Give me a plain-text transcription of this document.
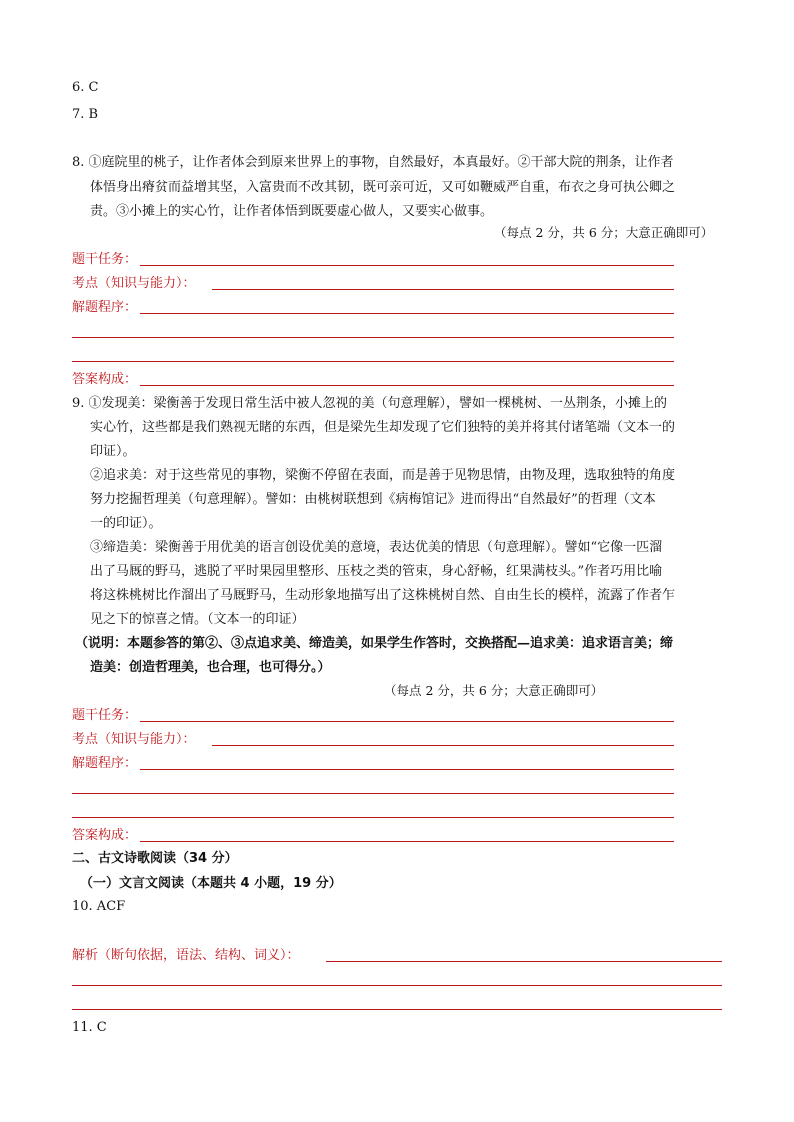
6. C
7. B
8. ①庭院里的桃子，让作者体会到原来世界上的事物，自然最好，本真最好。②干部大院的荆条，让作者
体悟身出瘠贫而益增其坚，入富贵而不改其韧，既可亲可近，又可如鞭威严自重，布衣之身可执公卿之
责。③小摊上的实心竹，让作者体悟到既要虚心做人，又要实心做事。
（每点 2 分，共 6 分；大意正确即可）
题干任务：
考点（知识与能力）：
解题程序：
答案构成：
9. ①发现美：梁衡善于发现日常生活中被人忽视的美（句意理解），譬如一棵桃树、一丛荆条，小摊上的
实心竹，这些都是我们熟视无睹的东西，但是梁先生却发现了它们独特的美并将其付诸笔端（文本一的
印证）。
②追求美：对于这些常见的事物，梁衡不停留在表面，而是善于见物思情，由物及理，选取独特的角度
努力挖掘哲理美（句意理解）。譬如：由桃树联想到《病梅馆记》进而得出“自然最好”的哲理（文本
一的印证）。
③缔造美：梁衡善于用优美的语言创设优美的意境，表达优美的情思（句意理解）。譬如“它像一匹溜
出了马厩的野马，逃脱了平时果园里整形、压枝之类的管束，身心舒畅，红果满枝头。”作者巧用比喻
将这株桃树比作溜出了马厩野马，生动形象地描写出了这株桃树自然、自由生长的模样，流露了作者乍
见之下的惊喜之情。（文本一的印证）
（说明：本题参答的第②、③点追求美、缔造美，如果学生作答时，交换搭配—追求美：追求语言美；缔
造美：创造哲理美，也合理，也可得分。）
（每点 2 分，共 6 分；大意正确即可）
题干任务：
考点（知识与能力）：
解题程序：
答案构成：
二、古文诗歌阅读（34 分）
（一）文言文阅读（本题共 4 小题，19 分）
10. ACF
解析（断句依据，语法、结构、词义）：
11. C
